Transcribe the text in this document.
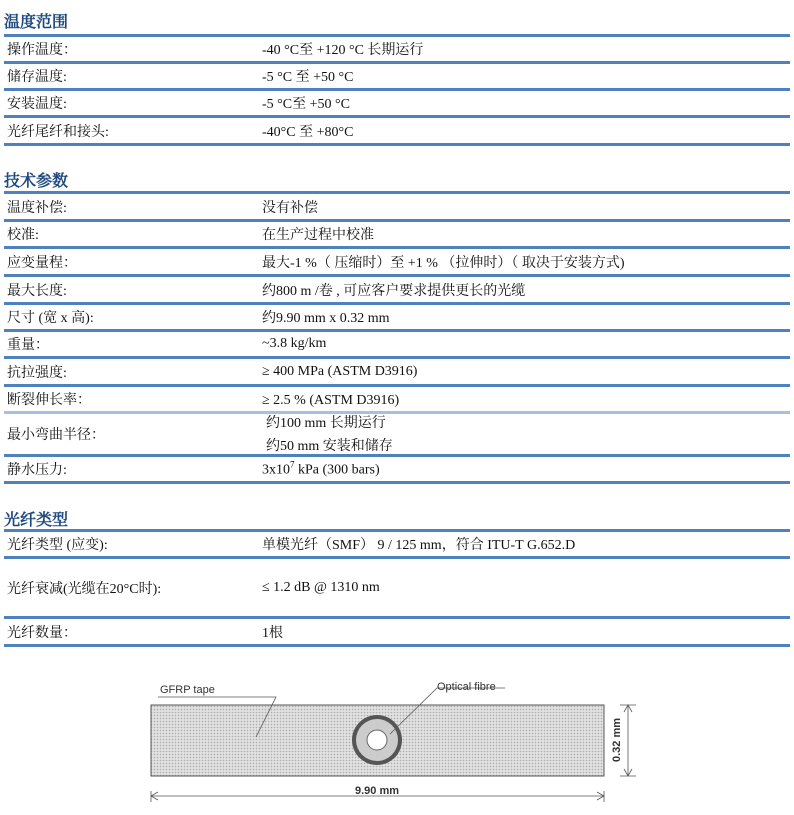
温度范围
操作温度：	-40 °C至 +120 °C 长期运行
储存温度:	-5 °C 至 +50 °C
安装温度:	-5 °C至 +50 °C
光纤尾纤和接头:	-40°C 至 +80°C
技术参数
温度补偿:	没有补偿
校准:	在生产过程中校准
应变量程：	最大-1 %（ 压缩时）至 +1 % （拉伸时）（ 取决于安装方式)
最大长度:	约800 m /卷 , 可应客户要求提供更长的光缆
尺寸 (宽 x 高):	约9.90 mm x 0.32 mm
重量：	~3.8 kg/km
抗拉强度:	≥ 400 MPa (ASTM D3916)
断裂伸长率：	≥ 2.5 % (ASTM D3916)
最小弯曲半径：
约100 mm 长期运行
约50 mm 安装和储存
静水压力:	$3x10^7$ kPa (300 bars)
光纤类型
光纤类型 (应变):	单模光纤（SMF） 9 / 125 mm，符合 ITU-T G.652.D
光纤衰减(光缆在20°C时):	≤ 1.2 dB @ 1310 nm
光纤数量：	1根
GFRP tape	Optical fibre
9.90 mm
0.32 mm
